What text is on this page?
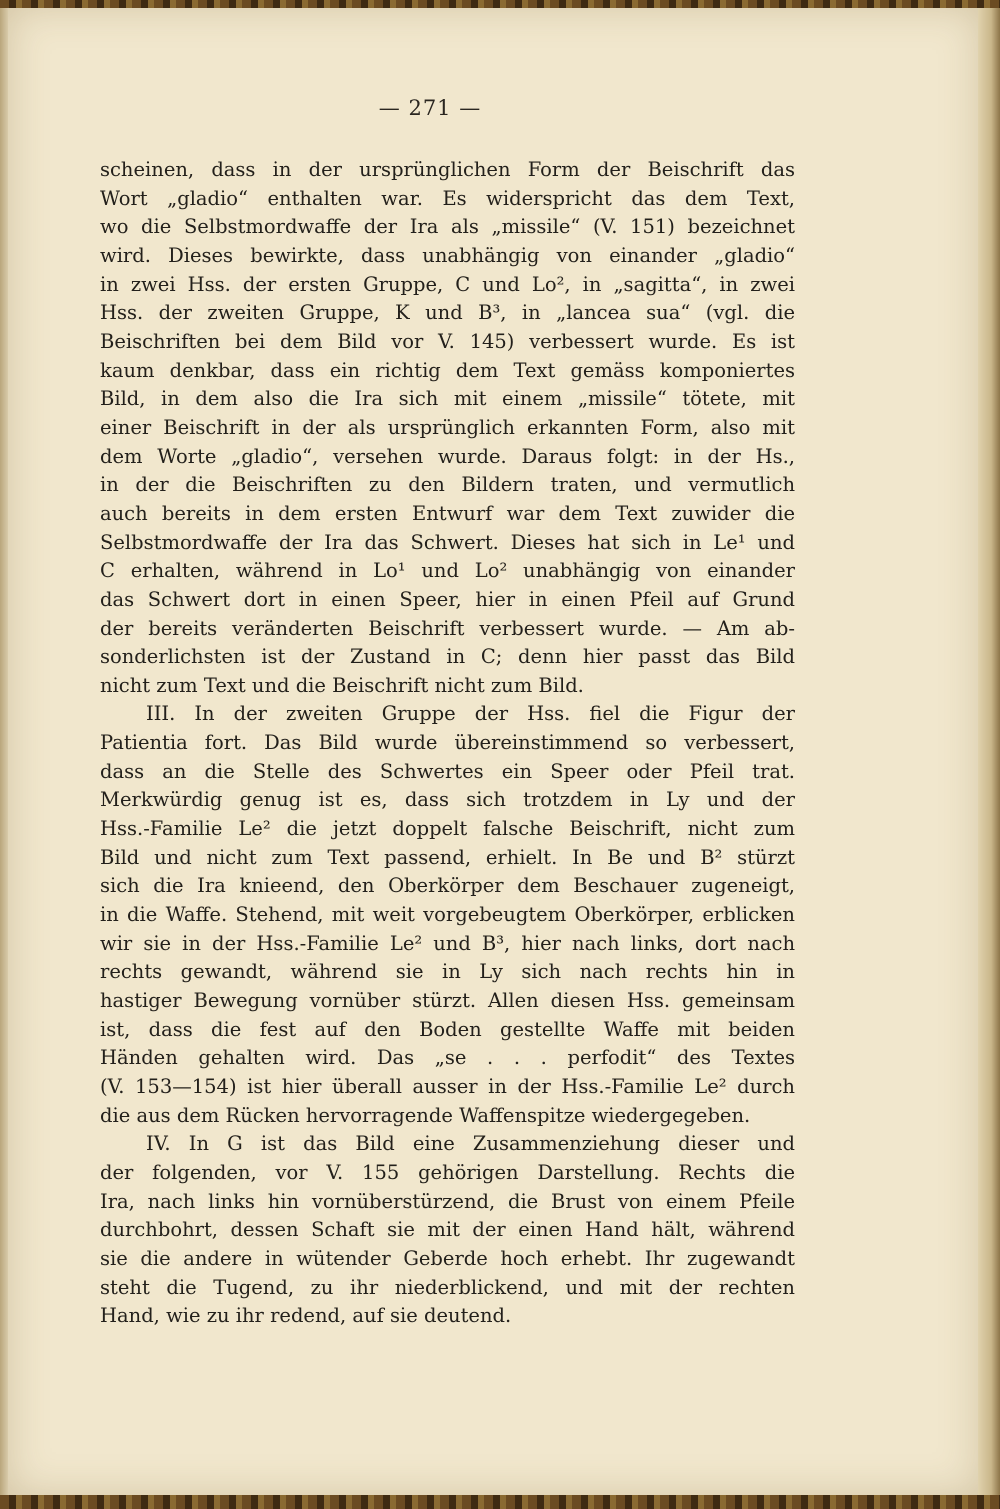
— 271 —
scheinen, dass in der ursprünglichen Form der Beischrift das
Wort „gladio“ enthalten war. Es widerspricht das dem Text,
wo die Selbstmordwaffe der Ira als „missile“ (V. 151) bezeichnet
wird. Dieses bewirkte, dass unabhängig von einander „gladio“
in zwei Hss. der ersten Gruppe, C und Lo², in „sagitta“, in zwei
Hss. der zweiten Gruppe, K und B³, in „lancea sua“ (vgl. die
Beischriften bei dem Bild vor V. 145) verbessert wurde. Es ist
kaum denkbar, dass ein richtig dem Text gemäss komponiertes
Bild, in dem also die Ira sich mit einem „missile“ tötete, mit
einer Beischrift in der als ursprünglich erkannten Form, also mit
dem Worte „gladio“, versehen wurde. Daraus folgt: in der Hs.,
in der die Beischriften zu den Bildern traten, und vermutlich
auch bereits in dem ersten Entwurf war dem Text zuwider die
Selbstmordwaffe der Ira das Schwert. Dieses hat sich in Le¹ und
C erhalten, während in Lo¹ und Lo² unabhängig von einander
das Schwert dort in einen Speer, hier in einen Pfeil auf Grund
der bereits veränderten Beischrift verbessert wurde. — Am ab-
sonderlichsten ist der Zustand in C; denn hier passt das Bild
nicht zum Text und die Beischrift nicht zum Bild.
III. In der zweiten Gruppe der Hss. fiel die Figur der
Patientia fort. Das Bild wurde übereinstimmend so verbessert,
dass an die Stelle des Schwertes ein Speer oder Pfeil trat.
Merkwürdig genug ist es, dass sich trotzdem in Ly und der
Hss.-Familie Le² die jetzt doppelt falsche Beischrift, nicht zum
Bild und nicht zum Text passend, erhielt. In Be und B² stürzt
sich die Ira knieend, den Oberkörper dem Beschauer zugeneigt,
in die Waffe. Stehend, mit weit vorgebeugtem Oberkörper, erblicken
wir sie in der Hss.-Familie Le² und B³, hier nach links, dort nach
rechts gewandt, während sie in Ly sich nach rechts hin in
hastiger Bewegung vornüber stürzt. Allen diesen Hss. gemeinsam
ist, dass die fest auf den Boden gestellte Waffe mit beiden
Händen gehalten wird. Das „se . . . perfodit“ des Textes
(V. 153—154) ist hier überall ausser in der Hss.-Familie Le² durch
die aus dem Rücken hervorragende Waffenspitze wiedergegeben.
IV. In G ist das Bild eine Zusammenziehung dieser und
der folgenden, vor V. 155 gehörigen Darstellung. Rechts die
Ira, nach links hin vornüberstürzend, die Brust von einem Pfeile
durchbohrt, dessen Schaft sie mit der einen Hand hält, während
sie die andere in wütender Geberde hoch erhebt. Ihr zugewandt
steht die Tugend, zu ihr niederblickend, und mit der rechten
Hand, wie zu ihr redend, auf sie deutend.
